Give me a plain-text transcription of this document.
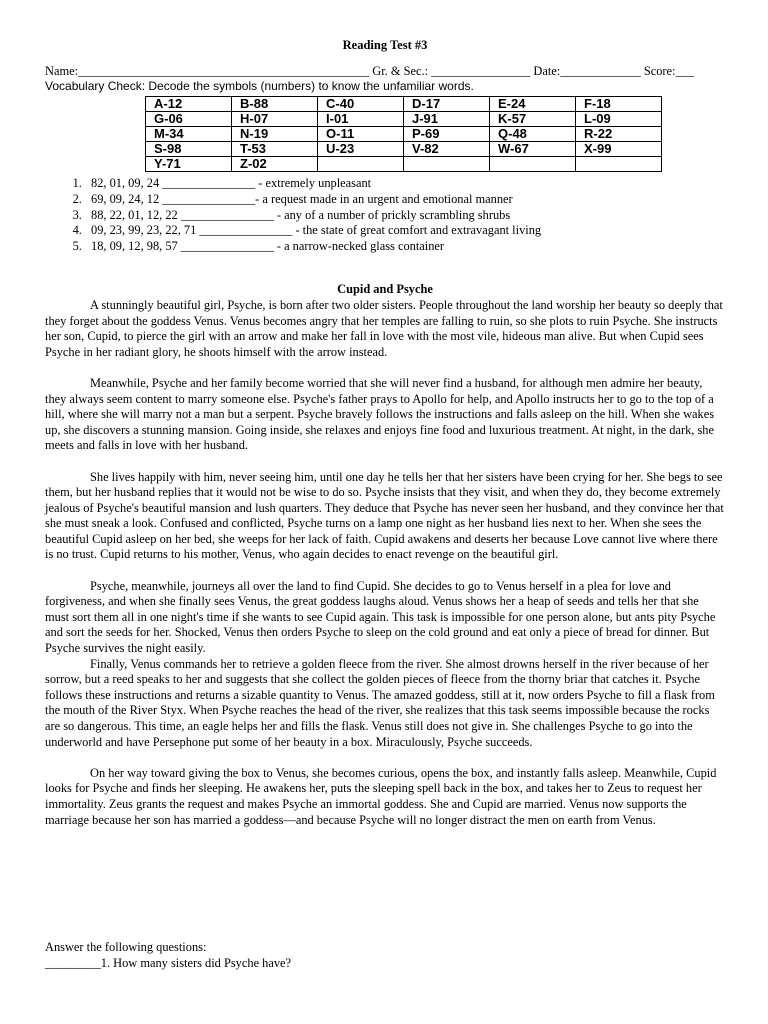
Reading Test #3
Name:_______________________________________________ Gr. & Sec.: ________________ Date:_____________ Score:___
Vocabulary Check: Decode the symbols (numbers) to know the unfamiliar words.
A-12	B-88	C-40	D-17	E-24	F-18
G-06	H-07	I-01	J-91	K-57	L-09
M-34	N-19	O-11	P-69	Q-48	R-22
S-98	T-53	U-23	V-82	W-67	X-99
Y-71	Z-02				
1. 82, 01, 09, 24 _______________ - extremely unpleasant
2. 69, 09, 24, 12 _______________- a request made in an urgent and emotional manner
3. 88, 22, 01, 12, 22 _______________ - any of a number of prickly scrambling shrubs
4. 09, 23, 99, 23, 22, 71 _______________ - the state of great comfort and extravagant living
5. 18, 09, 12, 98, 57 _______________ - a narrow-necked glass container
Cupid and Psyche

A stunningly beautiful girl, Psyche, is born after two older sisters. People throughout the land worship her beauty so deeply that they forget about the goddess Venus. Venus becomes angry that her temples are falling to ruin, so she plots to ruin Psyche. She instructs her son, Cupid, to pierce the girl with an arrow and make her fall in love with the most vile, hideous man alive. But when Cupid sees Psyche in her radiant glory, he shoots himself with the arrow instead.

Meanwhile, Psyche and her family become worried that she will never find a husband, for although men admire her beauty, they always seem content to marry someone else. Psyche's father prays to Apollo for help, and Apollo instructs her to go to the top of a hill, where she will marry not a man but a serpent. Psyche bravely follows the instructions and falls asleep on the hill. When she wakes up, she discovers a stunning mansion. Going inside, she relaxes and enjoys fine food and luxurious treatment. At night, in the dark, she meets and falls in love with her husband.

She lives happily with him, never seeing him, until one day he tells her that her sisters have been crying for her. She begs to see them, but her husband replies that it would not be wise to do so. Psyche insists that they visit, and when they do, they become extremely jealous of Psyche's beautiful mansion and lush quarters. They deduce that Psyche has never seen her husband, and they convince her that she must sneak a look. Confused and conflicted, Psyche turns on a lamp one night as her husband lies next to her. When she sees the beautiful Cupid asleep on her bed, she weeps for her lack of faith. Cupid awakens and deserts her because Love cannot live where there is no trust. Cupid returns to his mother, Venus, who again decides to enact revenge on the beautiful girl.

Psyche, meanwhile, journeys all over the land to find Cupid. She decides to go to Venus herself in a plea for love and forgiveness, and when she finally sees Venus, the great goddess laughs aloud. Venus shows her a heap of seeds and tells her that she must sort them all in one night's time if she wants to see Cupid again. This task is impossible for one person alone, but ants pity Psyche and sort the seeds for her. Shocked, Venus then orders Psyche to sleep on the cold ground and eat only a piece of bread for dinner. But Psyche survives the night easily.

Finally, Venus commands her to retrieve a golden fleece from the river. She almost drowns herself in the river because of her sorrow, but a reed speaks to her and suggests that she collect the golden pieces of fleece from the thorny briar that catches it. Psyche follows these instructions and returns a sizable quantity to Venus. The amazed goddess, still at it, now orders Psyche to fill a flask from the mouth of the River Styx. When Psyche reaches the head of the river, she realizes that this task seems impossible because the rocks are so dangerous. This time, an eagle helps her and fills the flask. Venus still does not give in. She challenges Psyche to go into the underworld and have Persephone put some of her beauty in a box. Miraculously, Psyche succeeds.

On her way toward giving the box to Venus, she becomes curious, opens the box, and instantly falls asleep. Meanwhile, Cupid looks for Psyche and finds her sleeping. He awakens her, puts the sleeping spell back in the box, and takes her to Zeus to request her immortality. Zeus grants the request and makes Psyche an immortal goddess. She and Cupid are married. Venus now supports the marriage because her son has married a goddess—and because Psyche will no longer distract the men on earth from Venus.

Answer the following questions:
_________1. How many sisters did Psyche have?
